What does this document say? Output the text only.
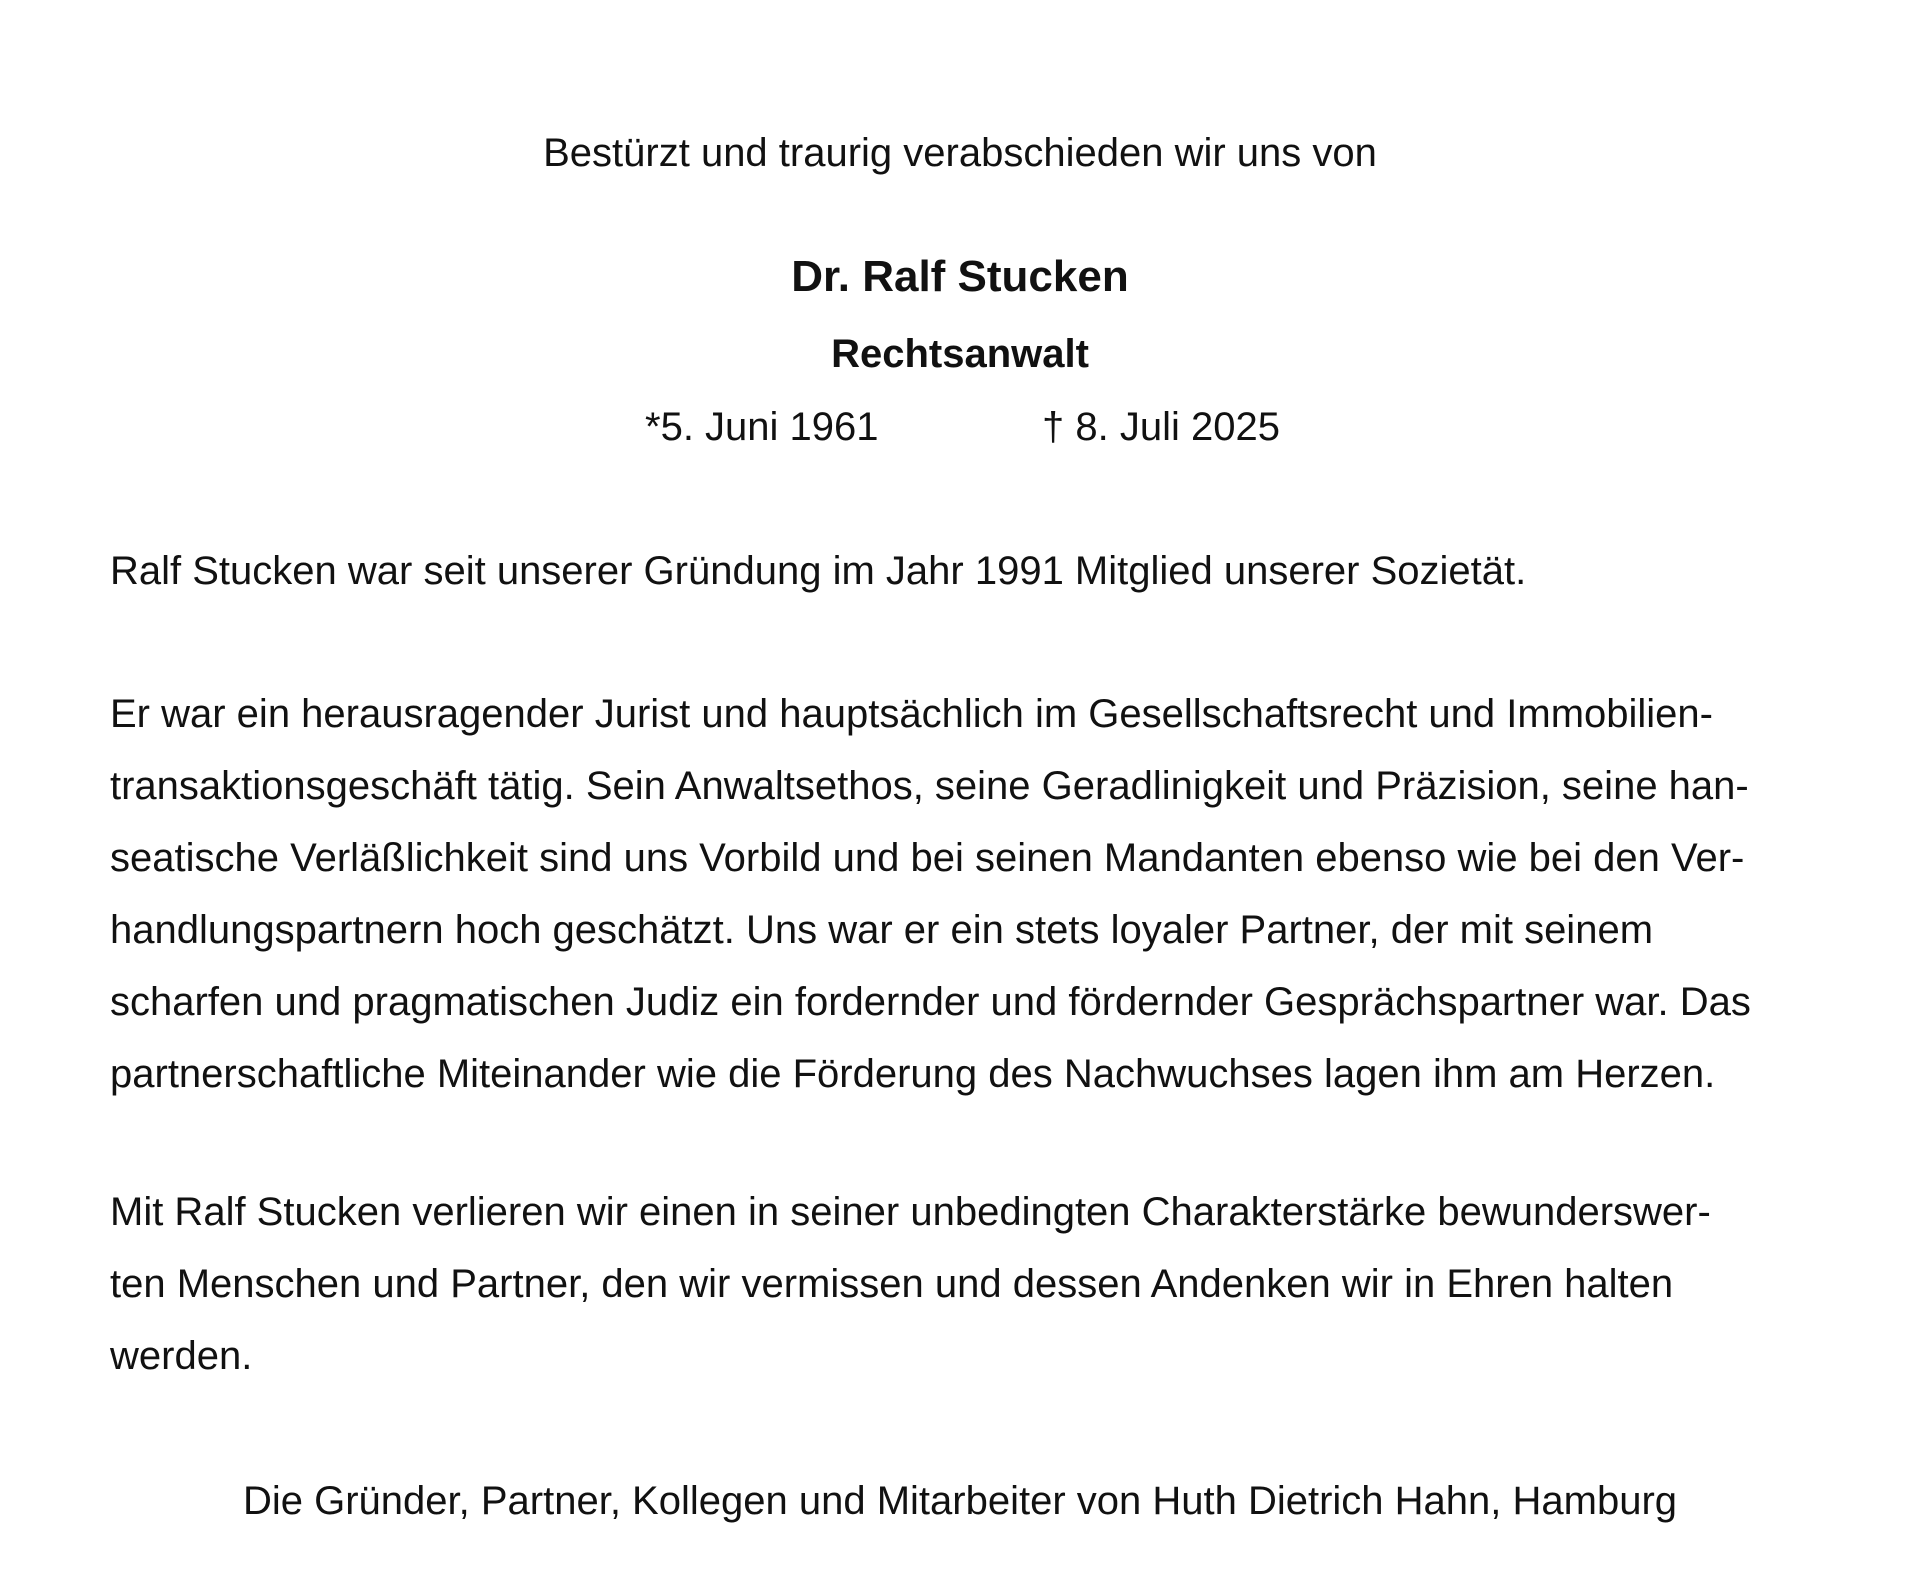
Bestürzt und traurig verabschieden wir uns von
Dr. Ralf Stucken
Rechtsanwalt
*5. Juni 1961	† 8. Juli 2025
Ralf Stucken war seit unserer Gründung im Jahr 1991 Mitglied unserer Sozietät.
Er war ein herausragender Jurist und hauptsächlich im Gesellschaftsrecht und Immobilien-
transaktionsgeschäft tätig. Sein Anwaltsethos, seine Geradlinigkeit und Präzision, seine han-
seatische Verläßlichkeit sind uns Vorbild und bei seinen Mandanten ebenso wie bei den Ver-
handlungspartnern hoch geschätzt. Uns war er ein stets loyaler Partner, der mit seinem
scharfen und pragmatischen Judiz ein fordernder und fördernder Gesprächspartner war. Das
partnerschaftliche Miteinander wie die Förderung des Nachwuchses lagen ihm am Herzen.
Mit Ralf Stucken verlieren wir einen in seiner unbedingten Charakterstärke bewunderswer-
ten Menschen und Partner, den wir vermissen und dessen Andenken wir in Ehren halten
werden.
Die Gründer, Partner, Kollegen und Mitarbeiter von Huth Dietrich Hahn, Hamburg
